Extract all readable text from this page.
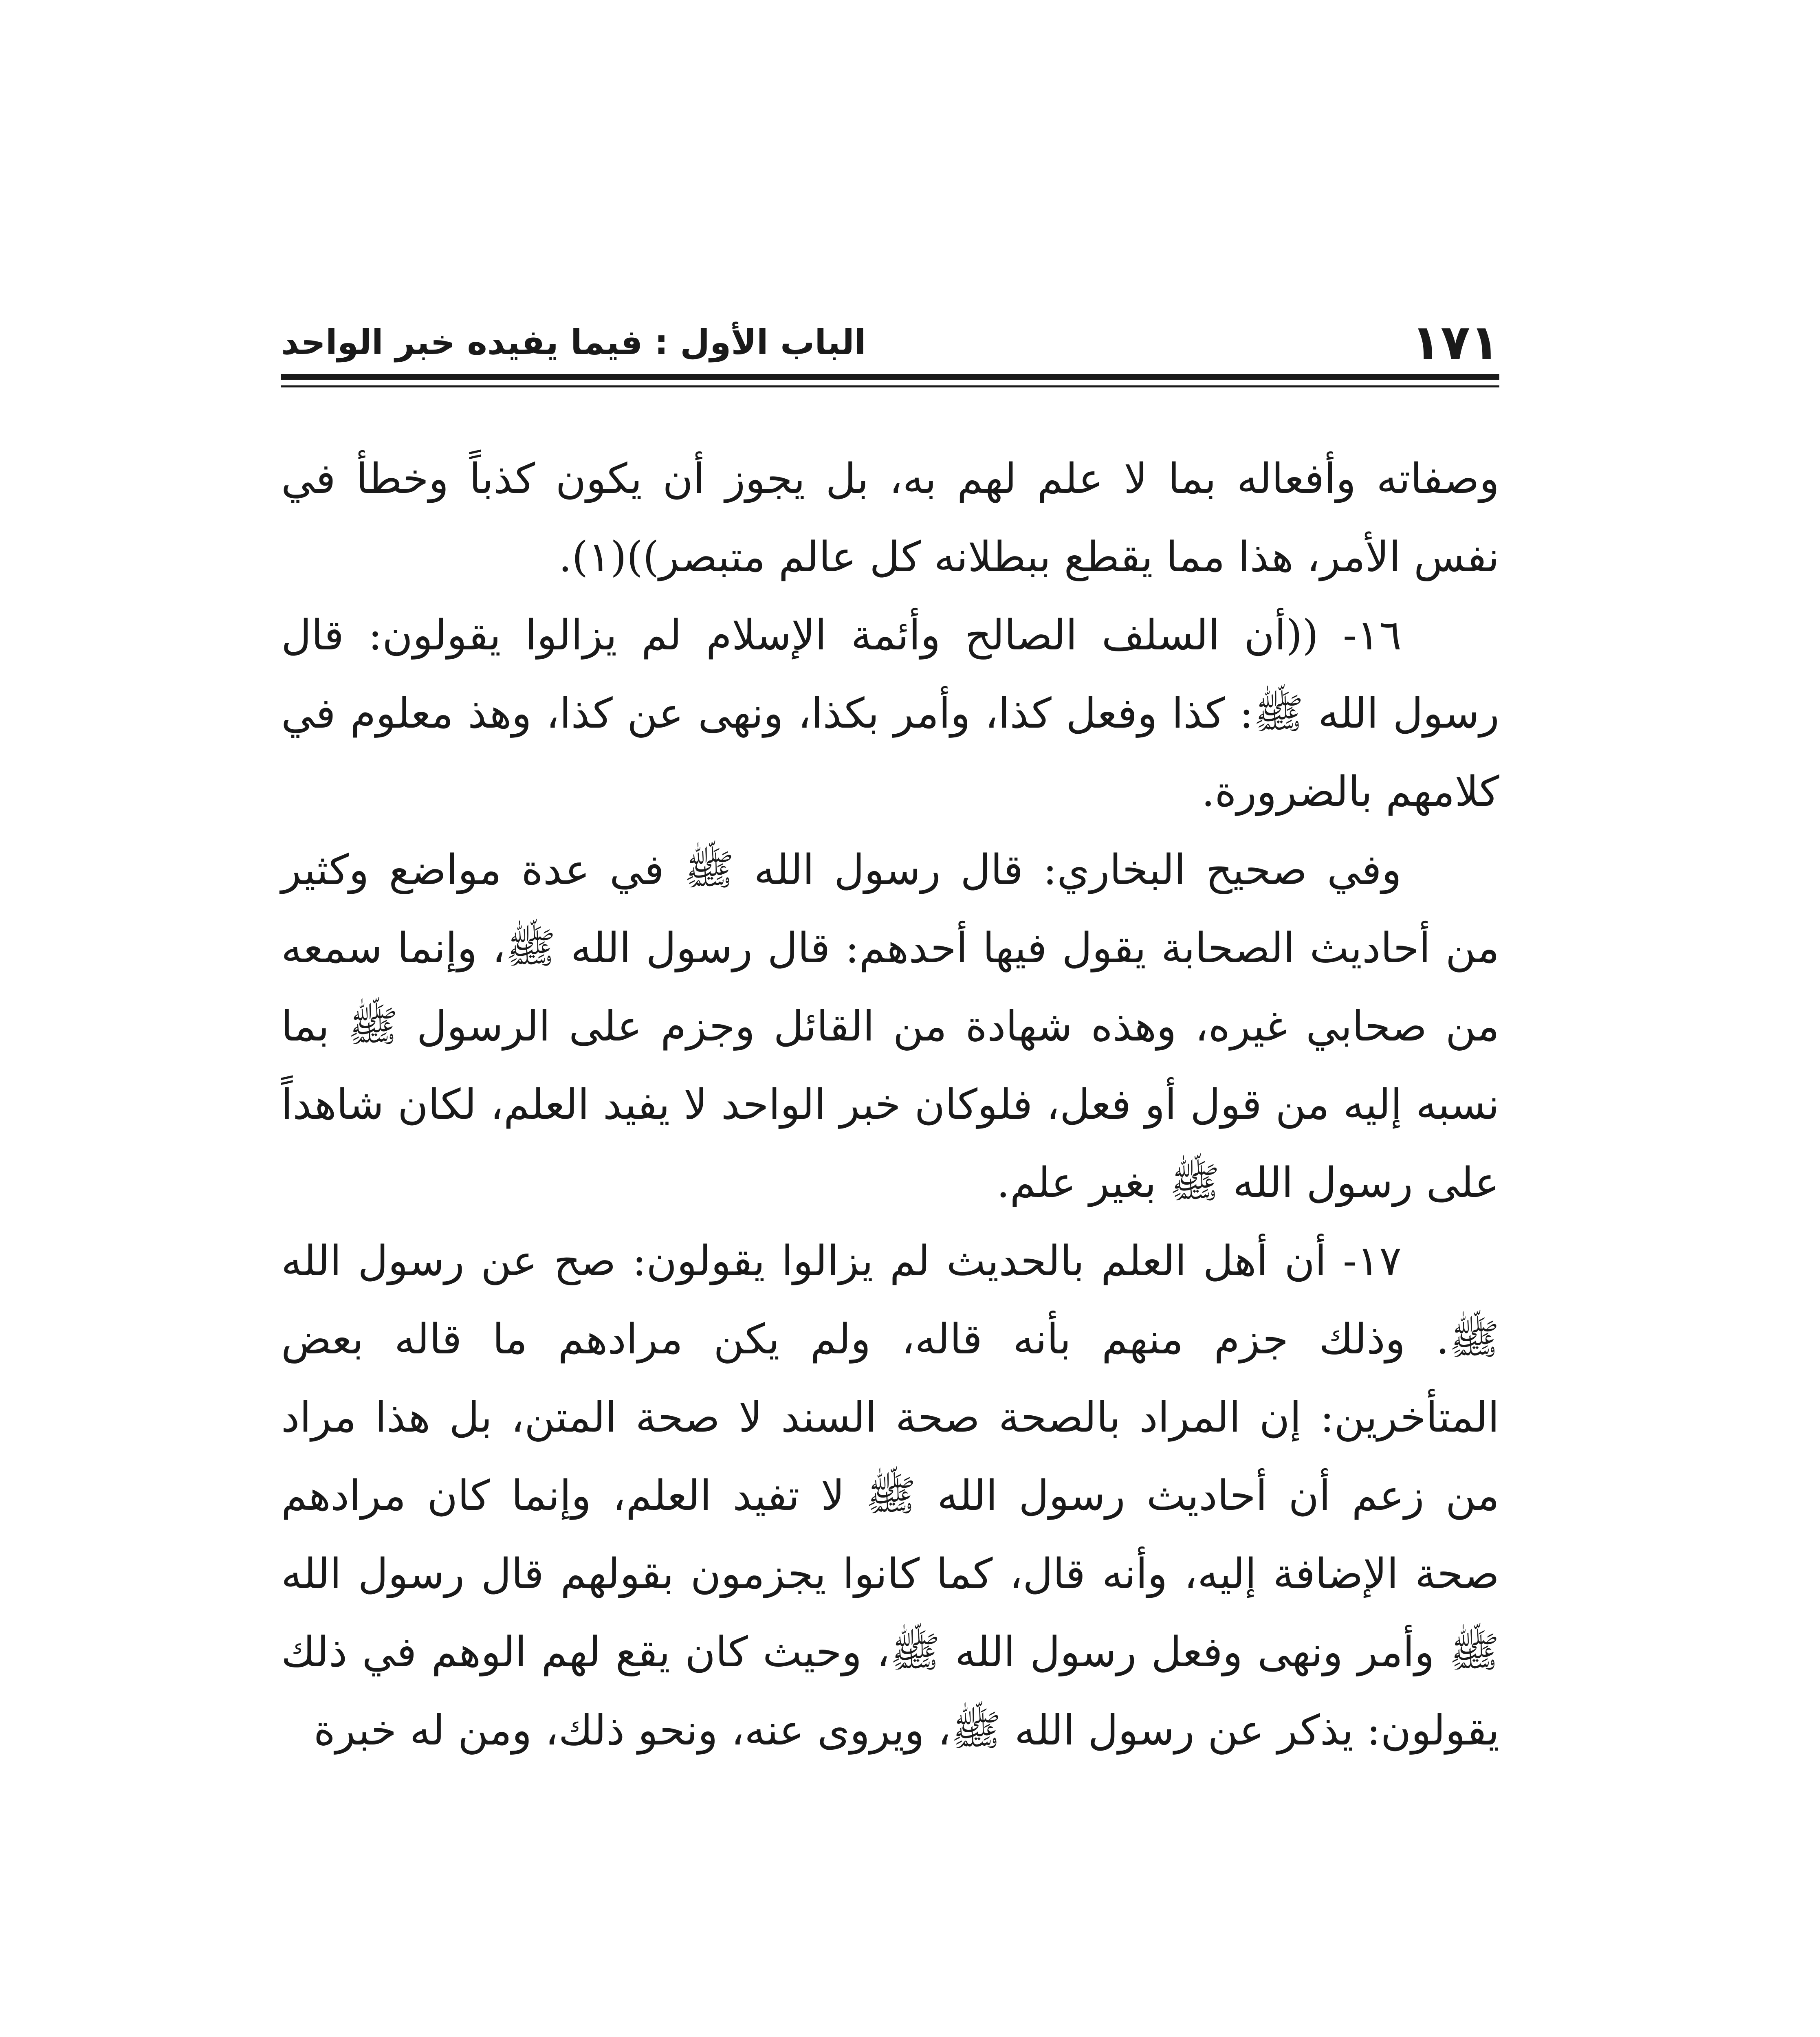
١٧١
الباب الأول : فيما يفيده خبر الواحد

وصفاته وأفعاله بما لا علم لهم به، بل يجوز أن يكون كذباً وخطأ في نفس الأمر، هذا مما يقطع ببطلانه كل عالم متبصر))(١).

١٦- ((أن السلف الصالح وأئمة الإسلام لم يزالوا يقولون: قال رسول الله ﷺ: كذا وفعل كذا، وأمر بكذا، ونهى عن كذا، وهذ معلوم في كلامهم بالضرورة.

وفي صحيح البخاري: قال رسول الله ﷺ في عدة مواضع وكثير من أحاديث الصحابة يقول فيها أحدهم: قال رسول الله ﷺ، وإنما سمعه من صحابي غيره، وهذه شهادة من القائل وجزم على الرسول ﷺ بما نسبه إليه من قول أو فعل، فلوكان خبر الواحد لا يفيد العلم، لكان شاهداً على رسول الله ﷺ بغير علم.

١٧- أن أهل العلم بالحديث لم يزالوا يقولون: صح عن رسول الله ﷺ. وذلك جزم منهم بأنه قاله، ولم يكن مرادهم ما قاله بعض المتأخرين: إن المراد بالصحة صحة السند لا صحة المتن، بل هذا مراد من زعم أن أحاديث رسول الله ﷺ لا تفيد العلم، وإنما كان مرادهم صحة الإضافة إليه، وأنه قال، كما كانوا يجزمون بقولهم قال رسول الله ﷺ وأمر ونهى وفعل رسول الله ﷺ، وحيث كان يقع لهم الوهم في ذلك يقولون: يذكر عن رسول الله ﷺ، ويروى عنه، ونحو ذلك، ومن له خبرة
